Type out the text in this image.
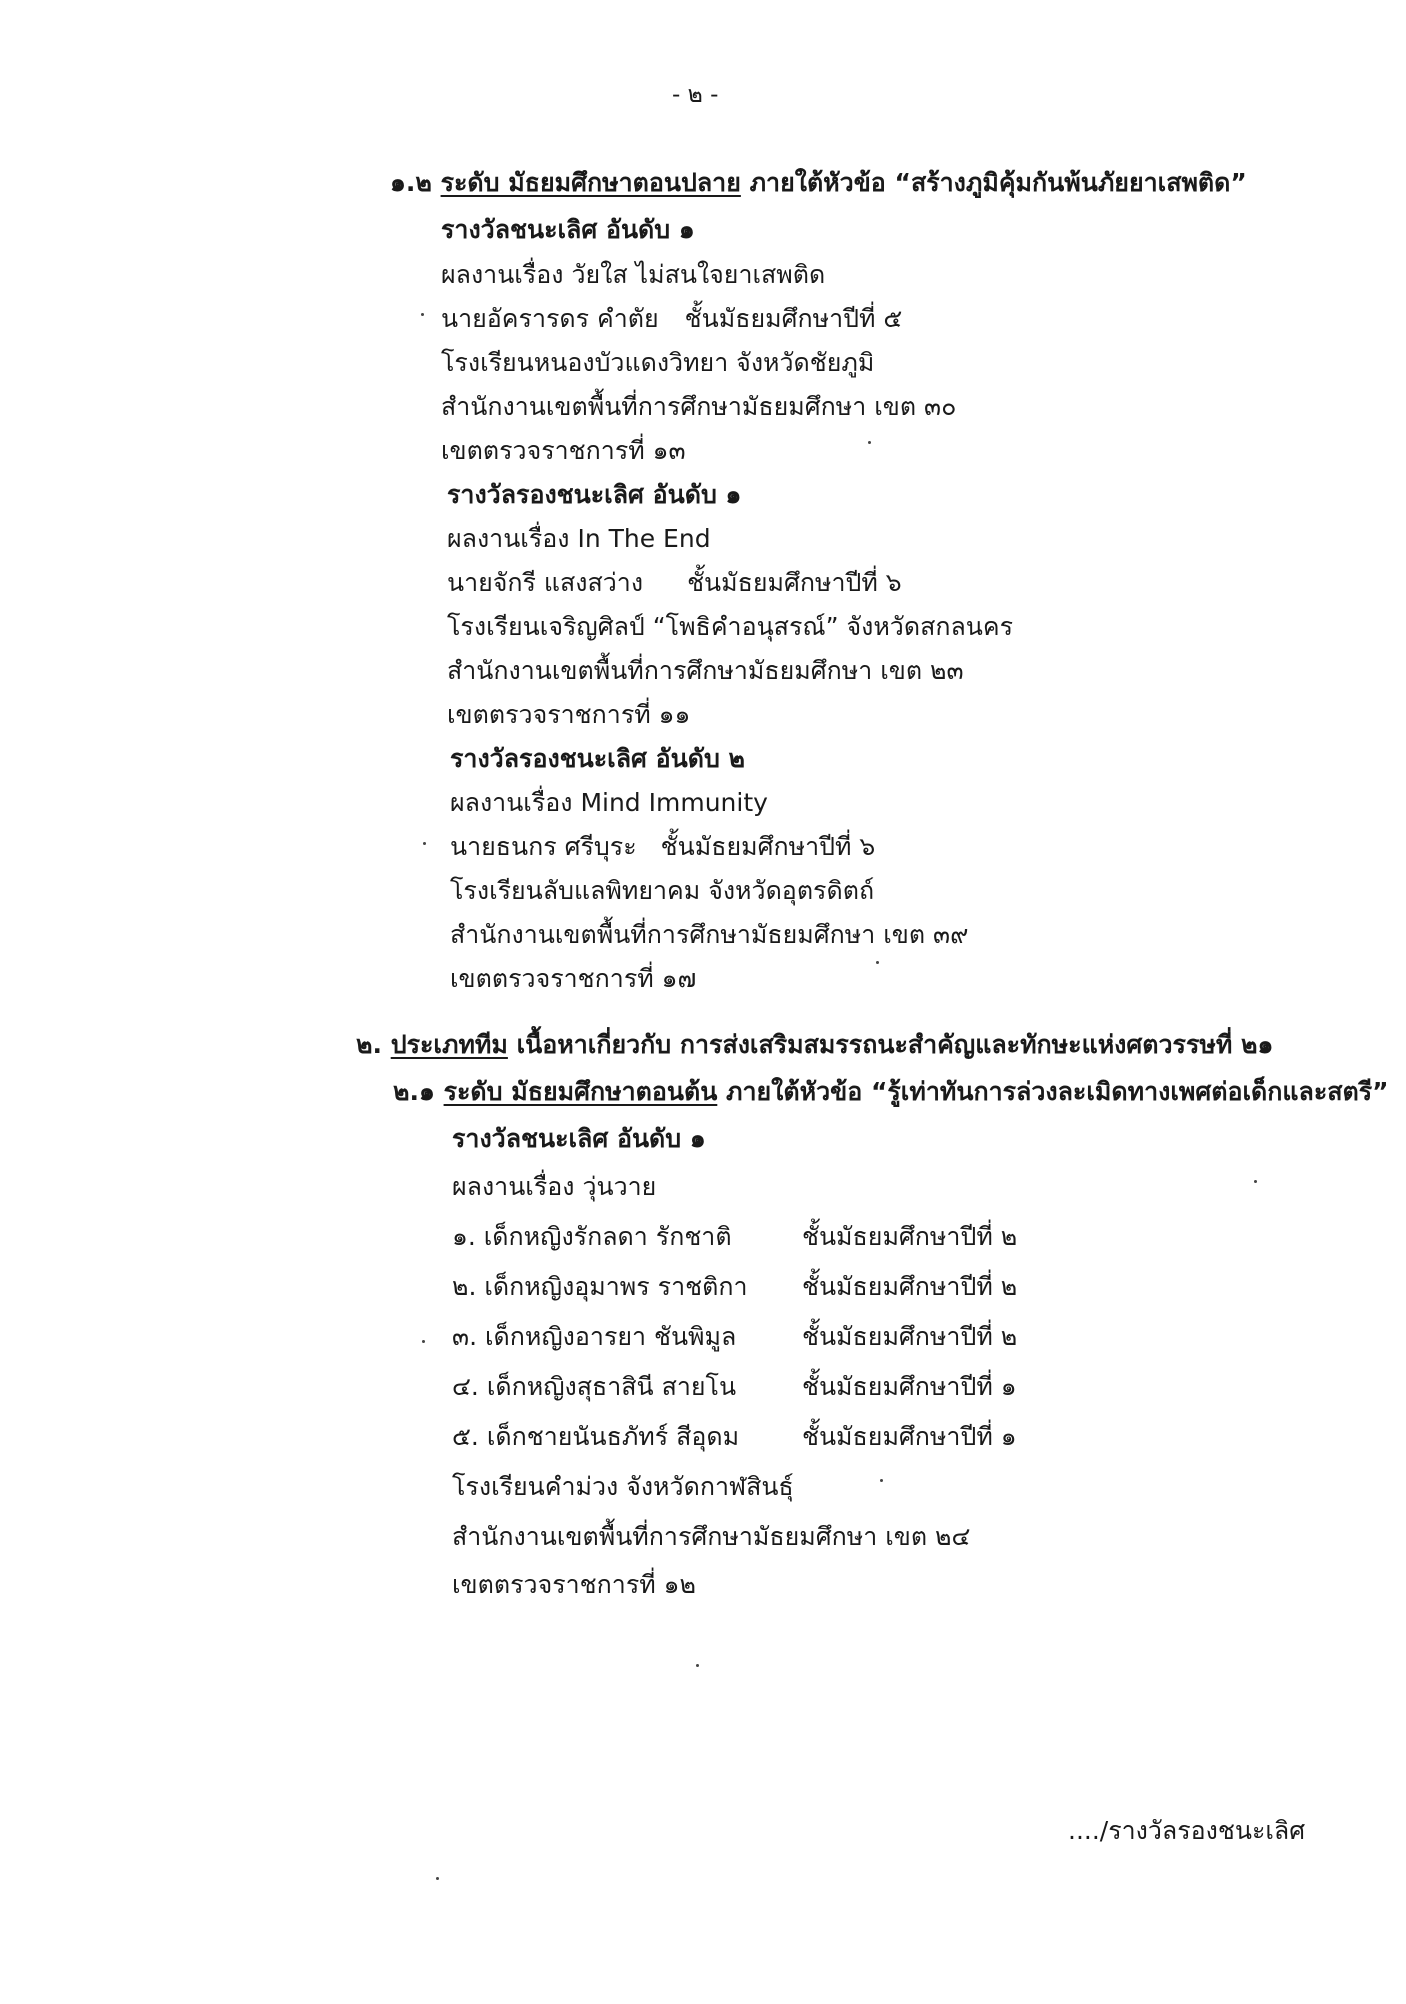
- ๒ -
๑.๒ ระดับ มัธยมศึกษาตอนปลาย ภายใต้หัวข้อ “สร้างภูมิคุ้มกันพ้นภัยยาเสพติด”
รางวัลชนะเลิศ อันดับ ๑
ผลงานเรื่อง วัยใส ไม่สนใจยาเสพติด
นายอัครารดร คำตัย ชั้นมัธยมศึกษาปีที่ ๕
โรงเรียนหนองบัวแดงวิทยา จังหวัดชัยภูมิ
สำนักงานเขตพื้นที่การศึกษามัธยมศึกษา เขต ๓๐
เขตตรวจราชการที่ ๑๓
รางวัลรองชนะเลิศ อันดับ ๑
ผลงานเรื่อง In The End
นายจักรี แสงสว่าง ชั้นมัธยมศึกษาปีที่ ๖
โรงเรียนเจริญศิลป์ “โพธิคำอนุสรณ์” จังหวัดสกลนคร
สำนักงานเขตพื้นที่การศึกษามัธยมศึกษา เขต ๒๓
เขตตรวจราชการที่ ๑๑
รางวัลรองชนะเลิศ อันดับ ๒
ผลงานเรื่อง Mind Immunity
นายธนกร ศรีบุระ ชั้นมัธยมศึกษาปีที่ ๖
โรงเรียนลับแลพิทยาคม จังหวัดอุตรดิตถ์
สำนักงานเขตพื้นที่การศึกษามัธยมศึกษา เขต ๓๙
เขตตรวจราชการที่ ๑๗
๒. ประเภททีม เนื้อหาเกี่ยวกับ การส่งเสริมสมรรถนะสำคัญและทักษะแห่งศตวรรษที่ ๒๑
๒.๑ ระดับ มัธยมศึกษาตอนต้น ภายใต้หัวข้อ “รู้เท่าทันการล่วงละเมิดทางเพศต่อเด็กและสตรี”
รางวัลชนะเลิศ อันดับ ๑
ผลงานเรื่อง วุ่นวาย
๑. เด็กหญิงรักลดา รักชาติ	ชั้นมัธยมศึกษาปีที่ ๒
๒. เด็กหญิงอุมาพร ราชติกา ชั้นมัธยมศึกษาปีที่ ๒
๓. เด็กหญิงอารยา ชันพิมูล	ชั้นมัธยมศึกษาปีที่ ๒
๔. เด็กหญิงสุธาสินี สายโน	ชั้นมัธยมศึกษาปีที่ ๑
๕. เด็กชายนันธภัทร์ สีอุดม	ชั้นมัธยมศึกษาปีที่ ๑
โรงเรียนคำม่วง จังหวัดกาฬสินธุ์
สำนักงานเขตพื้นที่การศึกษามัธยมศึกษา เขต ๒๔
เขตตรวจราชการที่ ๑๒
..../รางวัลรองชนะเลิศ
